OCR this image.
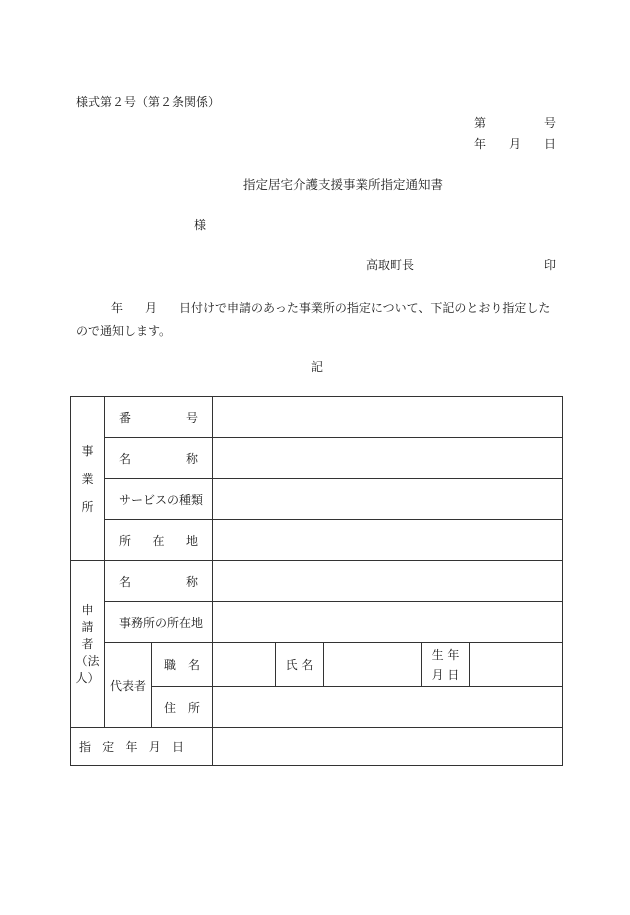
様式第２号（第２条関係）
第	号
年 月 日
指定居宅介護支援事業所指定通知書
様
高取町長	印
年 月 日付けで申請のあった事業所の指定について、下記のとおり指定した
ので通知します。
記
事
業
所	番 号						

	名 称						

	サービスの種類						

	所 在 地						

申
請
者
（法
人）	名 称						

	事務所の所在地						
	代表者	職 名		氏 名		生 年
月 日	

		住 所					

指 定 年 月 日							
